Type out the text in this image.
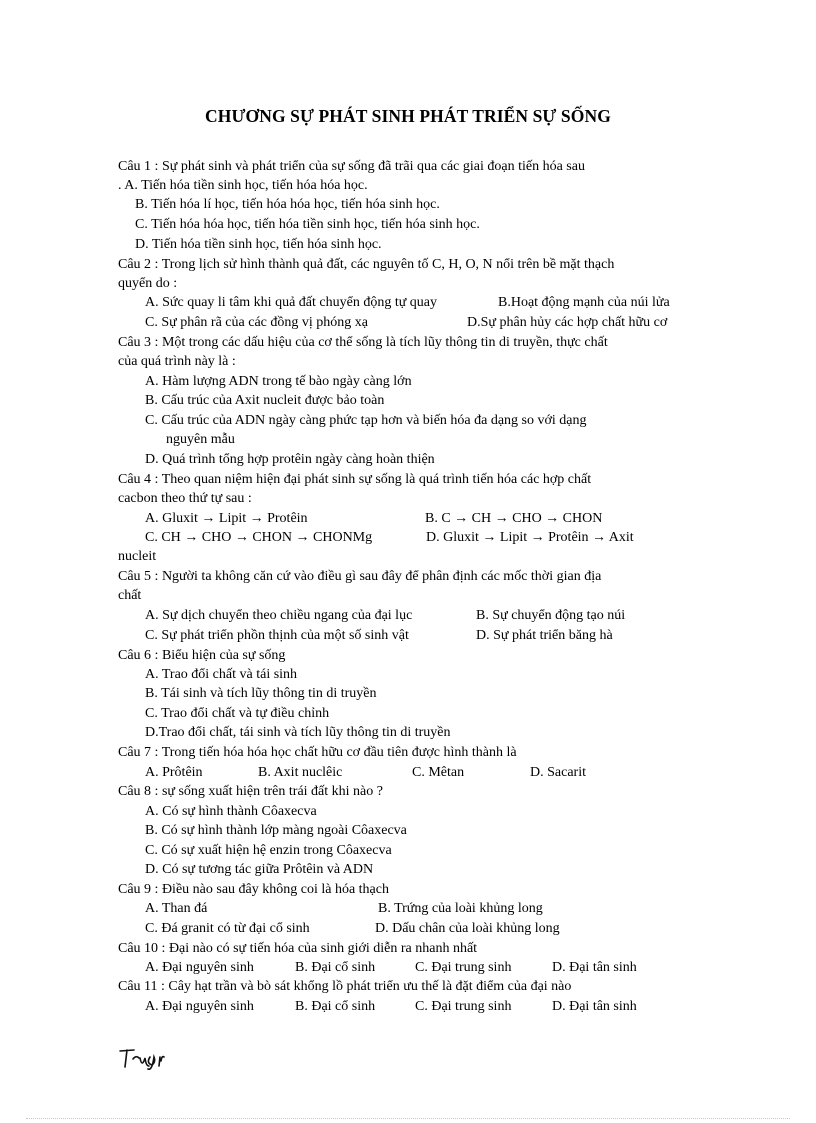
CHƯƠNG SỰ PHÁT SINH PHÁT TRIỂN SỰ SỐNG
Câu 1 : Sự phát sinh và phát triển của sự sống đã trãi qua các giai đoạn tiến hóa sau
. A. Tiến hóa tiền sinh học, tiến hóa hóa học.
B. Tiến hóa lí học, tiến hóa hóa học, tiến hóa sinh học.
C. Tiến hóa hóa học, tiến hóa tiền sinh học, tiến hóa sinh học.
D. Tiến hóa tiền sinh học, tiến hóa sinh học.
Câu 2 : Trong lịch sử hình thành quả đất, các nguyên tố C, H, O, N nổi trên bề mặt thạch
quyển do :
A. Sức quay li tâm khi quả đất chuyển động tự quay	B.Hoạt động mạnh của núi lửa
C. Sự phân rã của các đồng vị phóng xạ	D.Sự phân hủy các hợp chất hữu cơ
Câu 3 : Một trong các dấu hiệu của cơ thể sống là tích lũy thông tin di truyền, thực chất
của quá trình này là :
A. Hàm lượng ADN trong tế bào ngày càng lớn
B. Cấu trúc của Axit nucleit được bảo toàn
C. Cấu trúc của ADN ngày càng phức tạp hơn và biến hóa đa dạng so với dạng
nguyên mẫu
D. Quá trình tổng hợp protêin ngày càng hoàn thiện
Câu 4 : Theo quan niệm hiện đại phát sinh sự sống là quá trình tiến hóa các hợp chất
cacbon theo thứ tự sau :
A. Gluxit → Lipit → Protêin	B. C → CH → CHO → CHON
C. CH → CHO → CHON → CHONMg	D. Gluxit → Lipit → Protêin → Axit
nucleit
Câu 5 : Người ta không căn cứ vào điều gì sau đây để phân định các mốc thời gian địa
chất
A. Sự dịch chuyển theo chiều ngang của đại lục	B. Sự chuyển động tạo núi
C. Sự phát triển phồn thịnh của một số sinh vật	D. Sự phát triển băng hà
Câu 6 : Biểu hiện của sự sống
A. Trao đổi chất và tái sinh
B. Tái sinh và tích lũy thông tin di truyền
C. Trao đổi chất và tự điều chỉnh
D.Trao đổi chất, tái sinh và tích lũy thông tin di truyền
Câu 7 : Trong tiến hóa hóa học chất hữu cơ đầu tiên được hình thành là
A. Prôtêin	B. Axit nuclêic	C. Mêtan	D. Sacarit
Câu 8 : sự sống xuất hiện trên trái đất khi nào ?
A. Có sự hình thành Côaxecva
B. Có sự hình thành lớp màng ngoài Côaxecva
C. Có sự xuất hiện hệ enzin trong Côaxecva
D. Có sự tương tác giữa Prôtêin và ADN
Câu 9 : Điều nào sau đây không coi là hóa thạch
A. Than đá	B. Trứng của loài khủng long
C. Đá granit có từ đại cổ sinh	D. Dấu chân của loài khủng long
Câu 10 : Đại nào có sự tiến hóa của sinh giới diễn ra nhanh nhất
A. Đại nguyên sinh	B. Đại cổ sinh	C. Đại trung sinh	D. Đại tân sinh
Câu 11 : Cây hạt trần và bò sát khổng lồ phát triển ưu thế là đặt điểm của đại nào
A. Đại nguyên sinh	B. Đại cổ sinh	C. Đại trung sinh	D. Đại tân sinh
